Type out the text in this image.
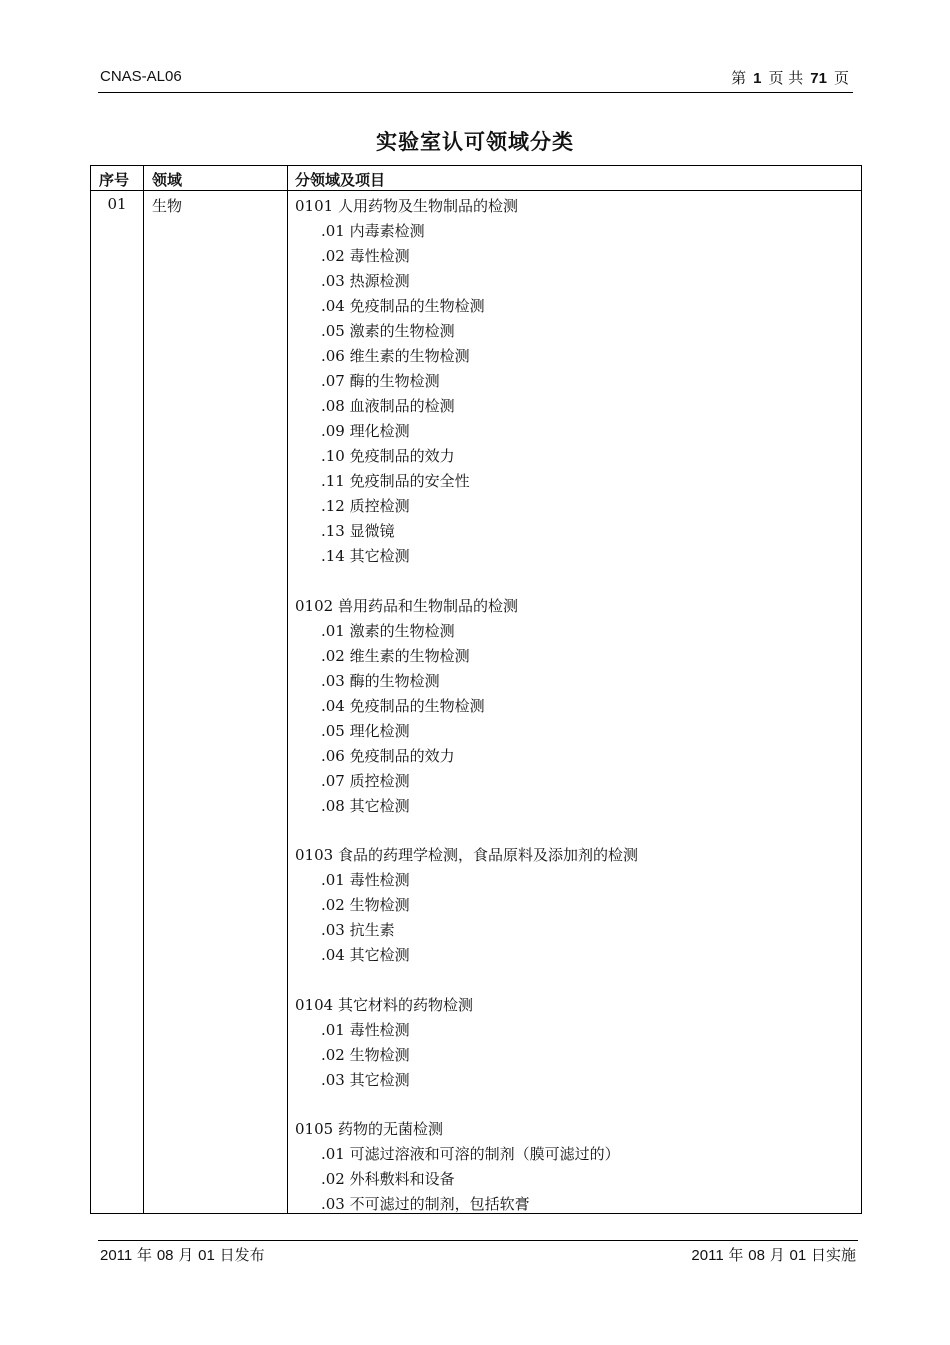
CNAS-AL06	第 1 页 共 71 页
实验室认可领域分类
序号 领域	分领域及项目
01	生物	0101 人用药物及生物制品的检测
.01 内毒素检测
.02 毒性检测
.03 热源检测
.04 免疫制品的生物检测
.05 激素的生物检测
.06 维生素的生物检测
.07 酶的生物检测
.08 血液制品的检测
.09 理化检测
.10 免疫制品的效力
.11 免疫制品的安全性
.12 质控检测
.13 显微镜
.14 其它检测
0102 兽用药品和生物制品的检测
.01 激素的生物检测
.02 维生素的生物检测
.03 酶的生物检测
.04 免疫制品的生物检测
.05 理化检测
.06 免疫制品的效力
.07 质控检测
.08 其它检测
0103 食品的药理学检测，食品原料及添加剂的检测
.01 毒性检测
.02 生物检测
.03 抗生素
.04 其它检测
0104 其它材料的药物检测
.01 毒性检测
.02 生物检测
.03 其它检测
0105 药物的无菌检测
.01 可滤过溶液和可溶的制剂（膜可滤过的）
.02 外科敷料和设备
.03 不可滤过的制剂，包括软膏
2011 年 08 月 01 日发布	2011 年 08 月 01 日实施
